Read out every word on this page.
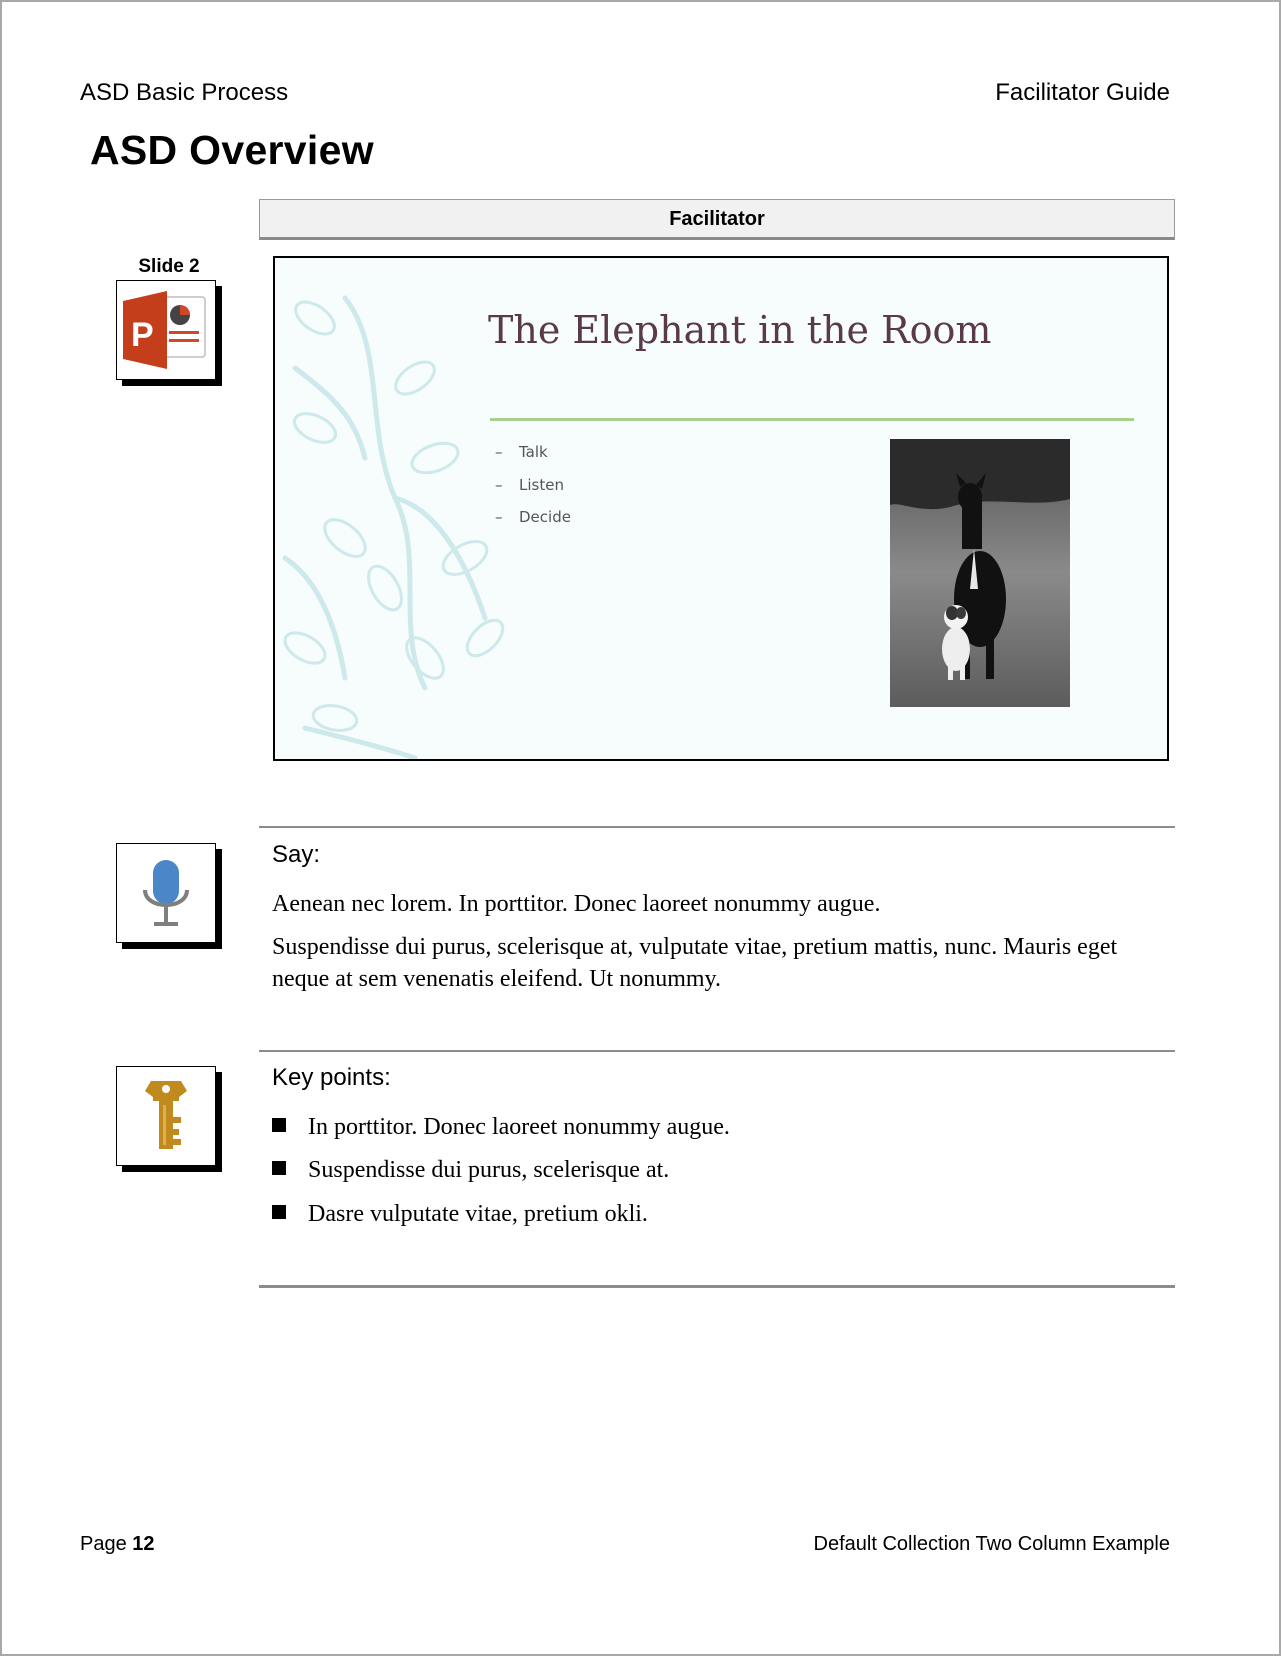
ASD Basic Process	Facilitator Guide
ASD Overview
Facilitator
Slide 2
P	The Elephant in the Room
– Talk
– Listen
– Decide
Say:
Aenean nec lorem. In porttitor. Donec laoreet nonummy augue.
Suspendisse dui purus, scelerisque at, vulputate vitae, pretium mattis, nunc. Mauris eget neque at sem venenatis eleifend. Ut nonummy.
Key points:
In porttitor. Donec laoreet nonummy augue.
Suspendisse dui purus, scelerisque at.
Dasre vulputate vitae, pretium okli.
Page 12	Default Collection Two Column Example
